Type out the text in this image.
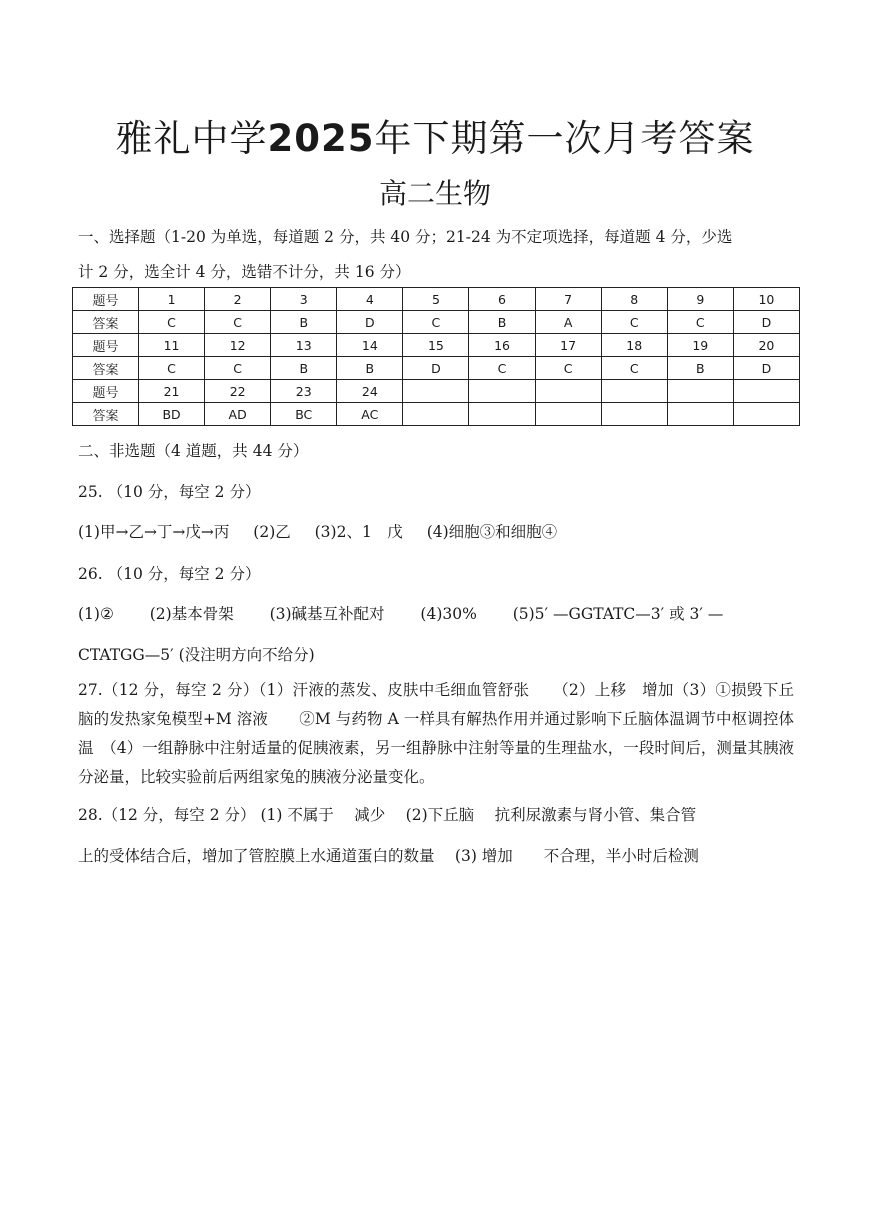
雅礼中学2025年下期第一次月考答案
高二生物
一、选择题（1-20 为单选，每道题 2 分，共 40 分；21-24 为不定项选择，每道题 4 分，少选
计 2 分，选全计 4 分，选错不计分，共 16 分）
题号	1	2	3	4	5	6	7	8	9	10
答案	C	C	B	D	C	B	A	C	C	D
题号	11	12	13	14	15	16	17	18	19	20
答案	C	C	B	B	D	C	C	C	B	D
题号	21	22	23	24						
答案	BD	AD	BC	AC						
二、非选题（4 道题，共 44 分）
25. （10 分，每空 2 分）
(1)甲→乙→丁→戊→丙 (2)乙 (3)2、1　戊 (4)细胞③和细胞④
26. （10 分，每空 2 分）
(1)② (2)基本骨架 (3)碱基互补配对 (4)30% (5)5′ —GGTATC—3′ 或 3′ —
CTATGG—5′ (没注明方向不给分)
27.（12 分，每空 2 分）（1）汗液的蒸发、皮肤中毛细血管舒张　　（2）上移　增加（3）①损毁下丘脑的发热家兔模型+M 溶液　　②M 与药物 A 一样具有解热作用并通过影响下丘脑体温调节中枢调控体温　（4）一组静脉中注射适量的促胰液素，另一组静脉中注射等量的生理盐水，一段时间后，测量其胰液分泌量，比较实验前后两组家兔的胰液分泌量变化。
28.（12 分，每空 2 分） (1) 不属于　 减少　 (2)下丘脑　 抗利尿激素与肾小管、集合管
上的受体结合后，增加了管腔膜上水通道蛋白的数量　 (3) 增加　　不合理，半小时后检测
